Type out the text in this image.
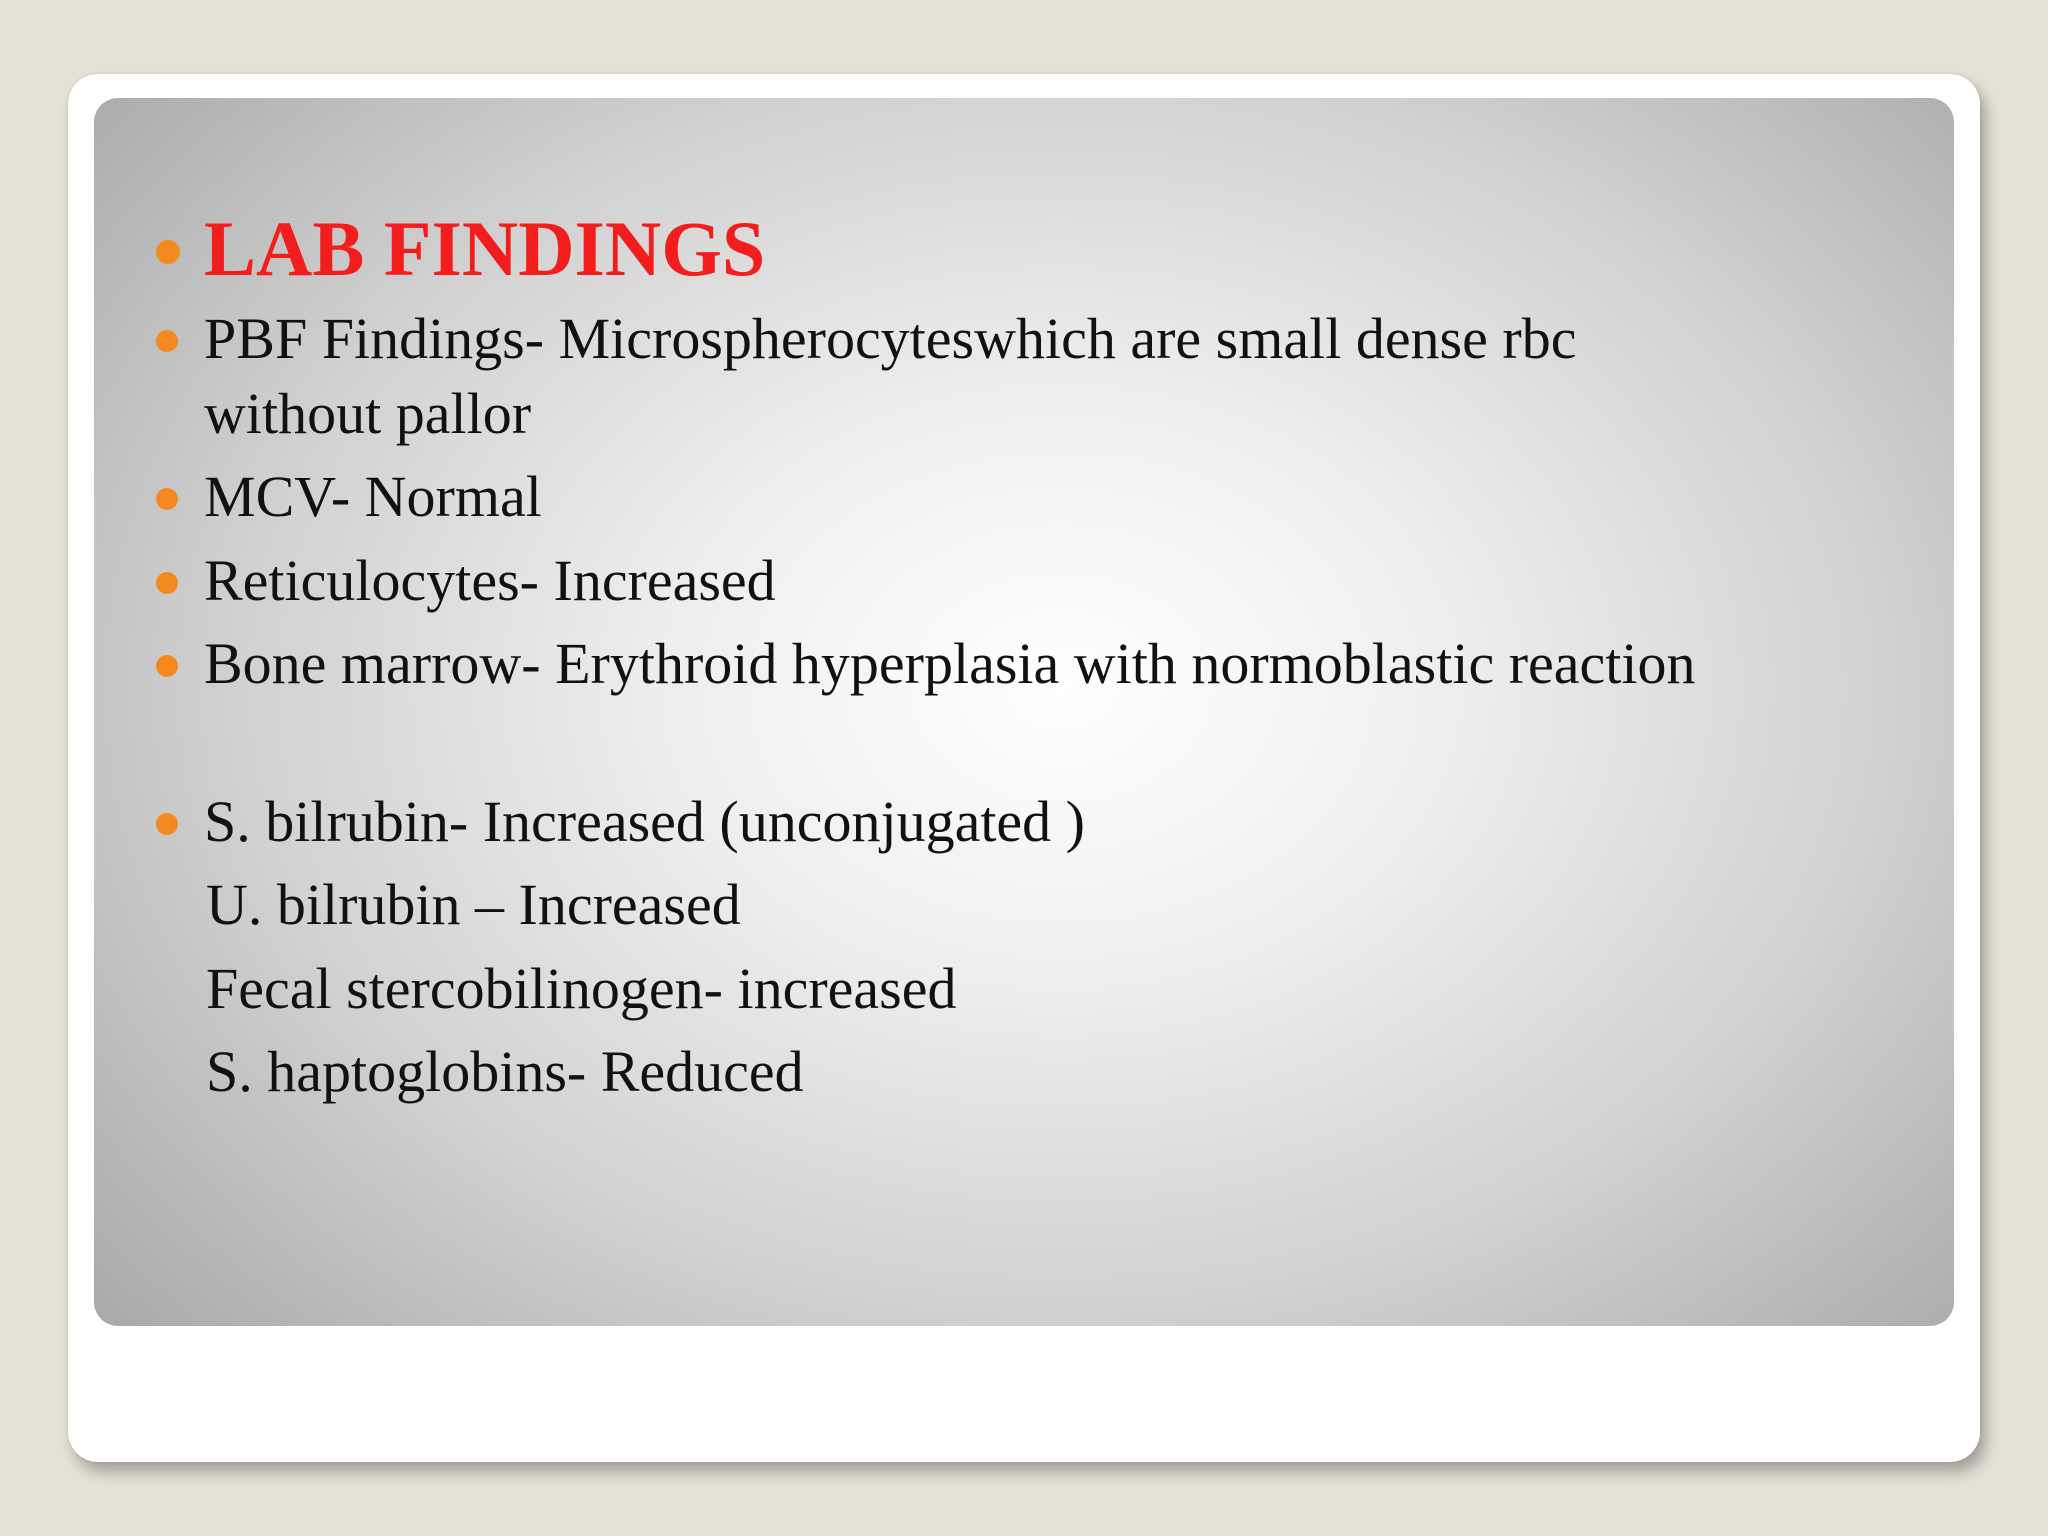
LAB FINDINGS
PBF Findings- Microspherocyteswhich are small dense rbc without pallor
MCV- Normal
Reticulocytes- Increased
Bone marrow- Erythroid hyperplasia with normoblastic reaction
S. bilrubin- Increased (unconjugated )
U. bilrubin – Increased
Fecal stercobilinogen- increased
S. haptoglobins- Reduced
